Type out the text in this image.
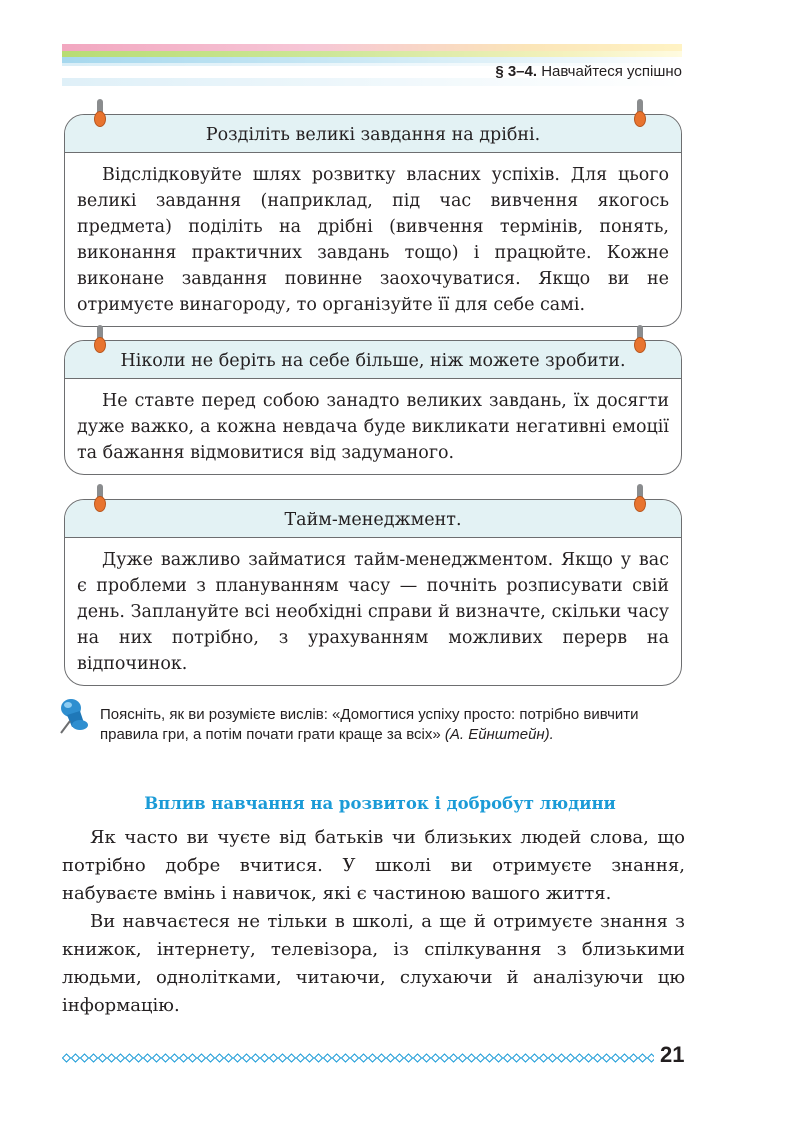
§ 3–4. Навчайтеся успішно
Розділіть великі завдання на дрібні.
Відслідковуйте шлях розвитку власних успіхів. Для цього великі завдання (наприклад, під час вивчення якогось предмета) поділіть на дрібні (вивчення термінів, понять, виконання практичних завдань тощо) і працюйте. Кожне виконане завдання повинне заохочуватися. Якщо ви не отримуєте винагороду, то організуйте її для себе самі.
Ніколи не беріть на себе більше, ніж можете зробити.
Не ставте перед собою занадто великих завдань, їх досягти дуже важко, а кожна невдача буде викликати негативні емоції та бажання відмовитися від задуманого.
Тайм-менеджмент.
Дуже важливо займатися тайм-менеджментом. Якщо у вас є проблеми з плануванням часу — почніть розписувати свій день. Заплануйте всі необхідні справи й визначте, скільки часу на них потрібно, з урахуванням можливих перерв на відпочинок.
Поясніть, як ви розумієте вислів: «Домогтися успіху просто: потрібно вивчити правила гри, а потім почати грати краще за всіх» (А. Ейнштейн).
Вплив навчання на розвиток і добробут людини
Як часто ви чуєте від батьків чи близьких людей слова, що потрібно добре вчитися. У школі ви отримуєте знання, набуваєте вмінь і навичок, які є частиною вашого життя.
Ви навчаєтеся не тільки в школі, а ще й отримуєте знання з книжок, інтернету, телевізора, із спілкування з близькими людьми, однолітками, читаючи, слухаючи й аналізуючи цю інформацію.
21
